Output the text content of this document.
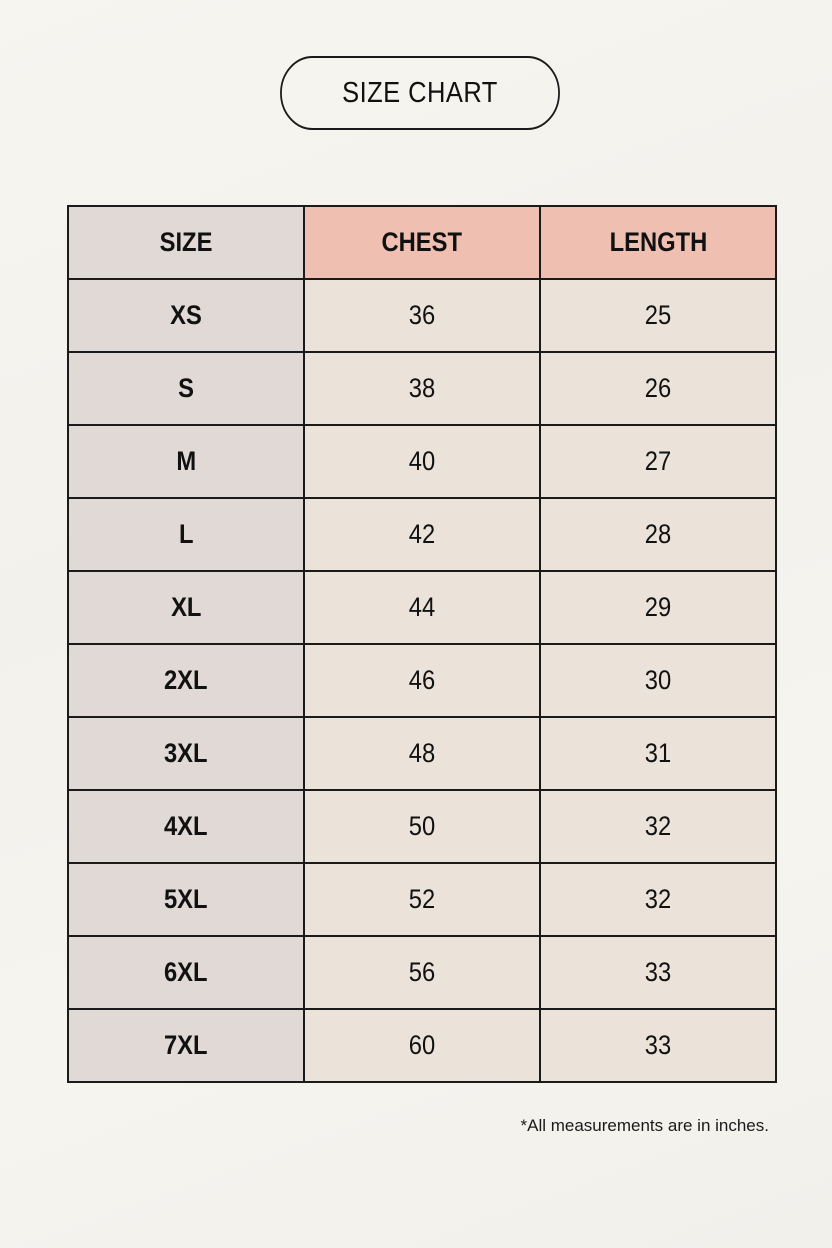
SIZE CHART
SIZE	CHEST	LENGTH
XS	36	25
S	38	26
M	40	27
L	42	28
XL	44	29
2XL	46	30
3XL	48	31
4XL	50	32
5XL	52	32
6XL	56	33
7XL	60	33
*All measurements are in inches.
